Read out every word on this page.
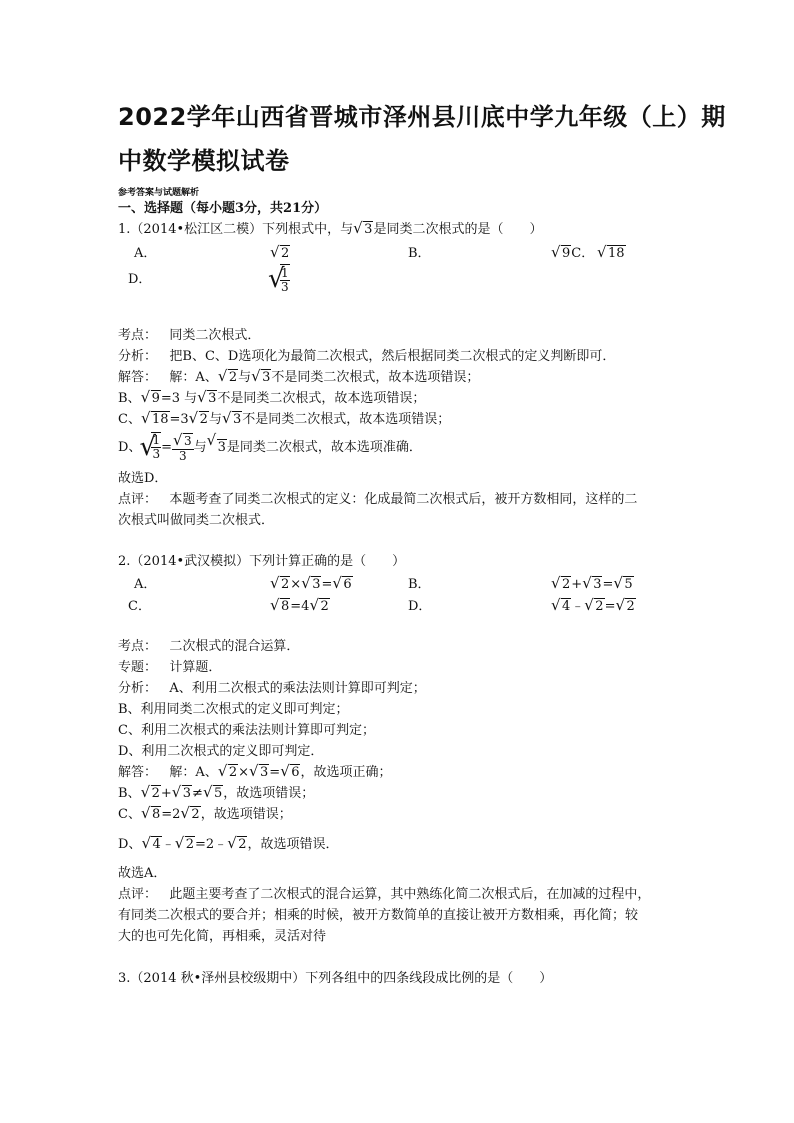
2022学年山西省晋城市泽州县川底中学九年级（上）期
中数学模拟试卷
参考答案与试题解析
一、选择题（每小题3分，共21分）
1.（2014•松江区二模）下列根式中，与 √ 3是同类二次根式的是（　　）
A．	√ 2	B．	√ 9C．	√ 18
D．	√ $\frac{1}{3}$
考点： 同类二次根式．
分析： 把B、C、D选项化为最简二次根式，然后根据同类二次根式的定义判断即可．
解答： 解：A、 √ 2与 √ 3不是同类二次根式，故本选项错误；
B、 √ 9=3 与 √ 3不是同类二次根式，故本选项错误；
C、 √ 18=3 √ 2与 √ 3不是同类二次根式，故本选项错误；
D、 √ $\frac{1}{3}$ = √ $\frac{3}{3}$ 与 √ 3是同类二次根式，故本选项准确．
故选D．
点评： 本题考查了同类二次根式的定义：化成最简二次根式后，被开方数相同，这样的二
次根式叫做同类二次根式．
2.（2014•武汉模拟）下列计算正确的是（　　）
A．	√ 2× √ 3= √ 6	B．	√ 2+ √ 3= √ 5
C．	√ 8=4 √ 2	D．	√ 4﹣ √ 2= √ 2
考点： 二次根式的混合运算．
专题： 计算题．
分析： A、利用二次根式的乘法法则计算即可判定；
B、利用同类二次根式的定义即可判定；
C、利用二次根式的乘法法则计算即可判定；
D、利用二次根式的定义即可判定．
解答： 解：A、 √ 2× √ 3= √ 6，故选项正确；
B、 √ 2+ √ 3≠ √ 5，故选项错误；
C、 √ 8=2 √ 2，故选项错误；
D、 √ 4﹣ √ 2=2﹣ √ 2，故选项错误．
故选A．
点评： 此题主要考查了二次根式的混合运算，其中熟练化简二次根式后，在加减的过程中，
有同类二次根式的要合并；相乘的时候，被开方数简单的直接让被开方数相乘，再化简；较
大的也可先化简，再相乘，灵活对待
3.（2014 秋•泽州县校级期中）下列各组中的四条线段成比例的是（　　）
